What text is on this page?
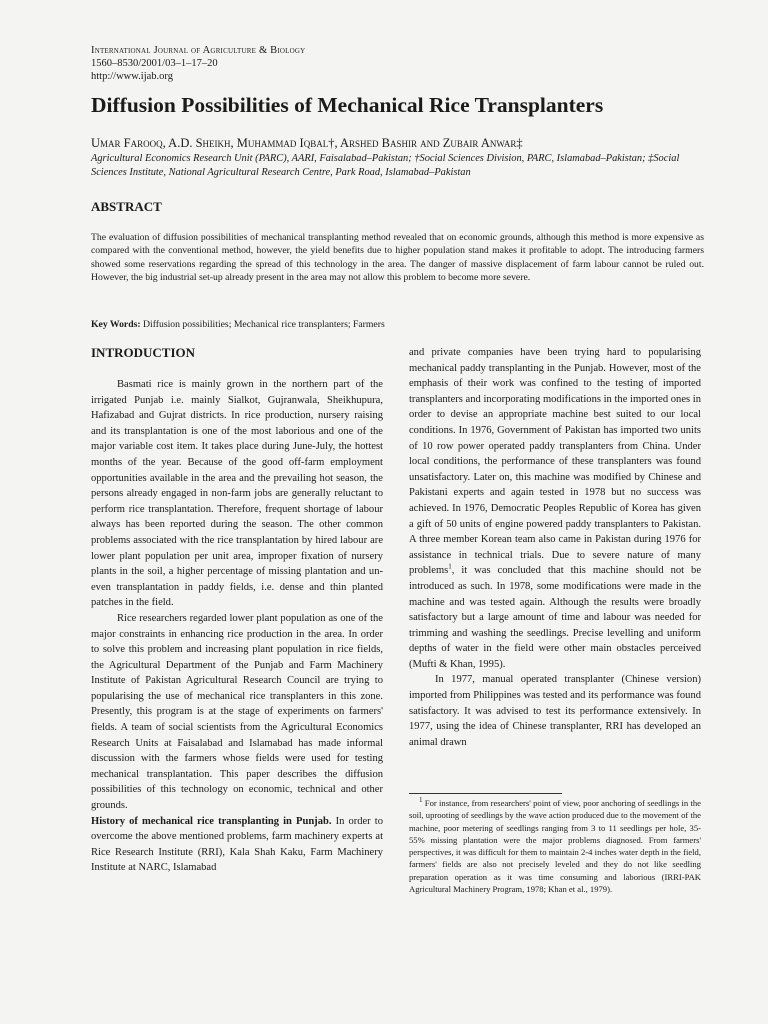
International Journal of Agriculture & Biology
1560–8530/2001/03–1–17–20
http://www.ijab.org
Diffusion Possibilities of Mechanical Rice Transplanters
Umar Farooq, A.D. Sheikh, Muhammad Iqbal†, Arshed Bashir and Zubair Anwar‡
Agricultural Economics Research Unit (PARC), AARI, Faisalabad–Pakistan; †Social Sciences Division, PARC, Islamabad–Pakistan; ‡Social Sciences Institute, National Agricultural Research Centre, Park Road, Islamabad–Pakistan
ABSTRACT

The evaluation of diffusion possibilities of mechanical transplanting method revealed that on economic grounds, although this method is more expensive as compared with the conventional method, however, the yield benefits due to higher population stand makes it profitable to adopt. The introducing farmers showed some reservations regarding the spread of this technology in the area. The danger of massive displacement of farm labour cannot be ruled out. However, the big industrial set-up already present in the area may not allow this problem to become more severe.

Key Words: Diffusion possibilities; Mechanical rice transplanters; Farmers
INTRODUCTION

Basmati rice is mainly grown in the northern part of the irrigated Punjab i.e. mainly Sialkot, Gujranwala, Sheikhupura, Hafizabad and Gujrat districts. In rice production, nursery raising and its transplantation is one of the most laborious and one of the major variable cost item. It takes place during June-July, the hottest months of the year. Because of the good off-farm employment opportunities available in the area and the prevailing hot season, the persons already engaged in non-farm jobs are generally reluctant to perform rice transplantation. Therefore, frequent shortage of labour always has been reported during the season. The other common problems associated with the rice transplantation by hired labour are lower plant population per unit area, improper fixation of nursery plants in the soil, a higher percentage of missing plantation and un-even transplantation in paddy fields, i.e. dense and thin planted patches in the field.

Rice researchers regarded lower plant population as one of the major constraints in enhancing rice production in the area. In order to solve this problem and increasing plant population in rice fields, the Agricultural Department of the Punjab and Farm Machinery Institute of Pakistan Agricultural Research Council are trying to popularising the use of mechanical rice transplanters in this zone. Presently, this program is at the stage of experiments on farmers' fields. A team of social scientists from the Agricultural Economics Research Units at Faisalabad and Islamabad has made informal discussion with the farmers whose fields were used for testing mechanical transplantation. This paper describes the diffusion possibilities of this technology on economic, technical and other grounds.

History of mechanical rice transplanting in Punjab. In order to overcome the above mentioned problems, farm machinery experts at Rice Research Institute (RRI), Kala Shah Kaku, Farm Machinery Institute at NARC, Islamabad

and private companies have been trying hard to popularising mechanical paddy transplanting in the Punjab. However, most of the emphasis of their work was confined to the testing of imported transplanters and incorporating modifications in the imported ones in order to devise an appropriate machine best suited to our local conditions. In 1976, Government of Pakistan has imported two units of 10 row power operated paddy transplanters from China. Under local conditions, the performance of these transplanters was found unsatisfactory. Later on, this machine was modified by Chinese and Pakistani experts and again tested in 1978 but no success was achieved. In 1976, Democratic Peoples Republic of Korea has given a gift of 50 units of engine powered paddy transplanters to Pakistan. A three member Korean team also came in Pakistan during 1976 for assistance in technical trials. Due to severe nature of many problems$^1$, it was concluded that this machine should not be introduced as such. In 1978, some modifications were made in the machine and was tested again. Although the results were broadly satisfactory but a large amount of time and labour was needed for trimming and washing the seedlings. Precise levelling and uniform depths of water in the field were other main obstacles perceived (Mufti & Khan, 1995).

In 1977, manual operated transplanter (Chinese version) imported from Philippines was tested and its performance was found satisfactory. It was advised to test its performance extensively. In 1977, using the idea of Chinese transplanter, RRI has developed an animal drawn

$^1$ For instance, from researchers' point of view, poor anchoring of seedlings in the soil, uprooting of seedlings by the wave action produced due to the movement of the machine, poor metering of seedlings ranging from 3 to 11 seedlings per hole, 35-55% missing plantation were the major problems diagnosed. From farmers' perspectives, it was difficult for them to maintain 2-4 inches water depth in the field, farmers' fields are also not precisely leveled and they do not like seedling preparation operation as it was time consuming and laborious (IRRI-PAK Agricultural Machinery Program, 1978; Khan et al., 1979).
